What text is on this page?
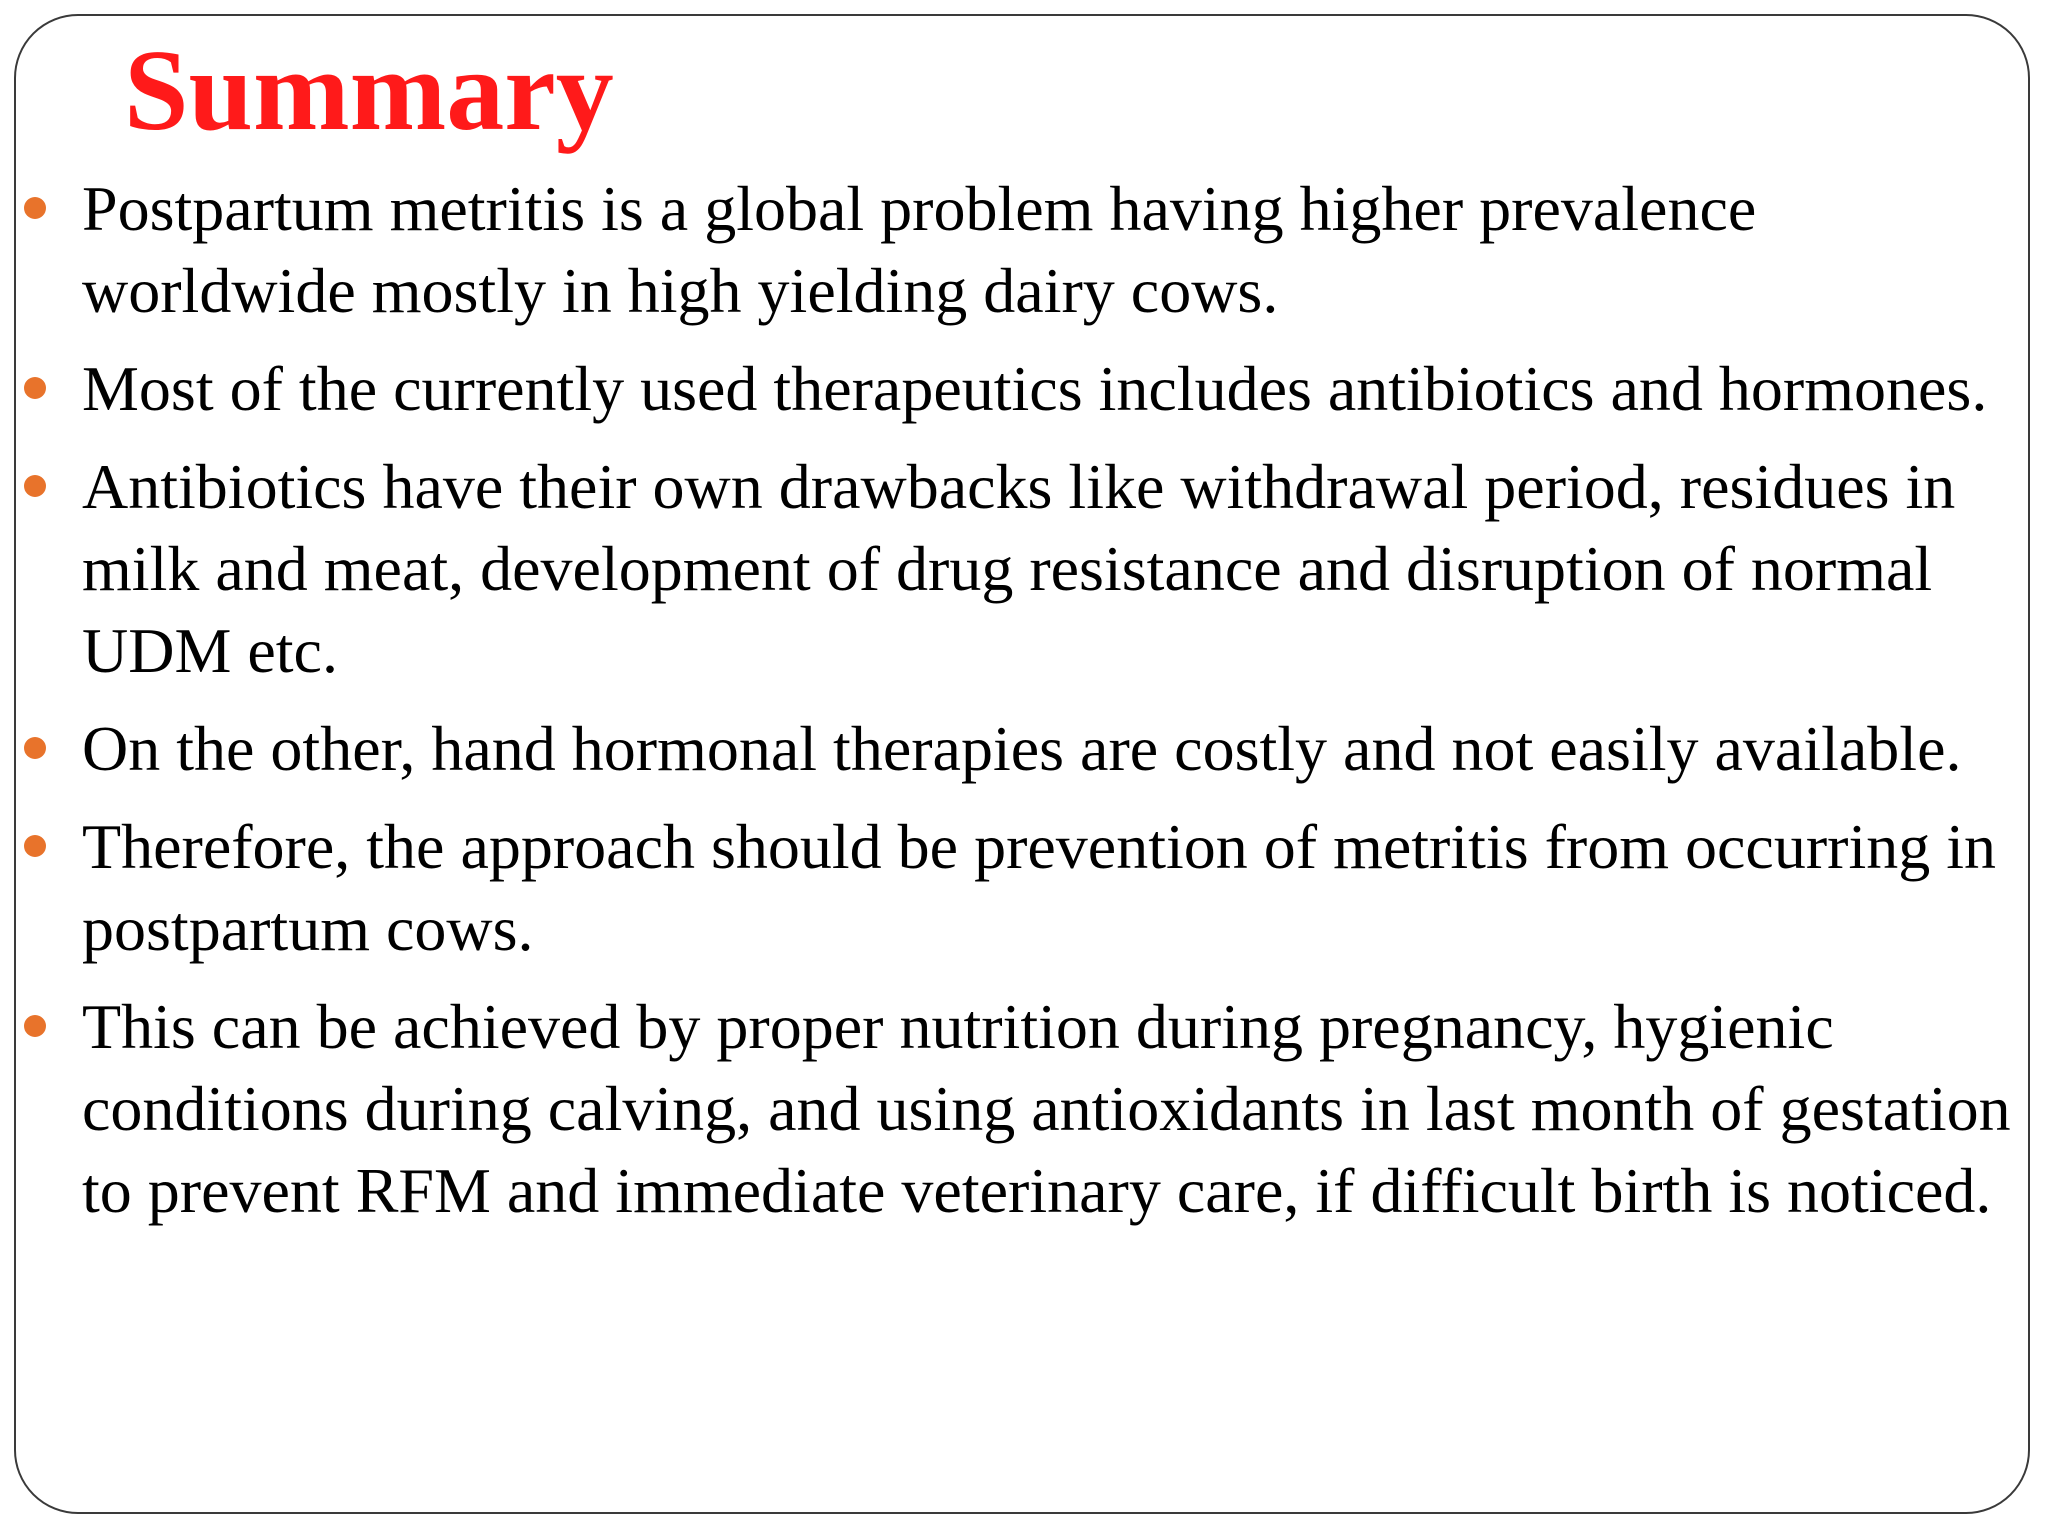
Summary
Postpartum metritis is a global problem having higher prevalence worldwide mostly in high yielding dairy cows.
Most of the currently used therapeutics includes antibiotics and hormones.
Antibiotics have their own drawbacks like withdrawal period, residues in milk and meat, development of drug resistance and disruption of normal UDM etc.
On the other, hand hormonal therapies are costly and not easily available.
Therefore, the approach should be prevention of metritis from occurring in postpartum cows.
This can be achieved by proper nutrition during pregnancy, hygienic conditions during calving, and using antioxidants in last month of gestation to prevent RFM and immediate veterinary care, if difficult birth is noticed.
